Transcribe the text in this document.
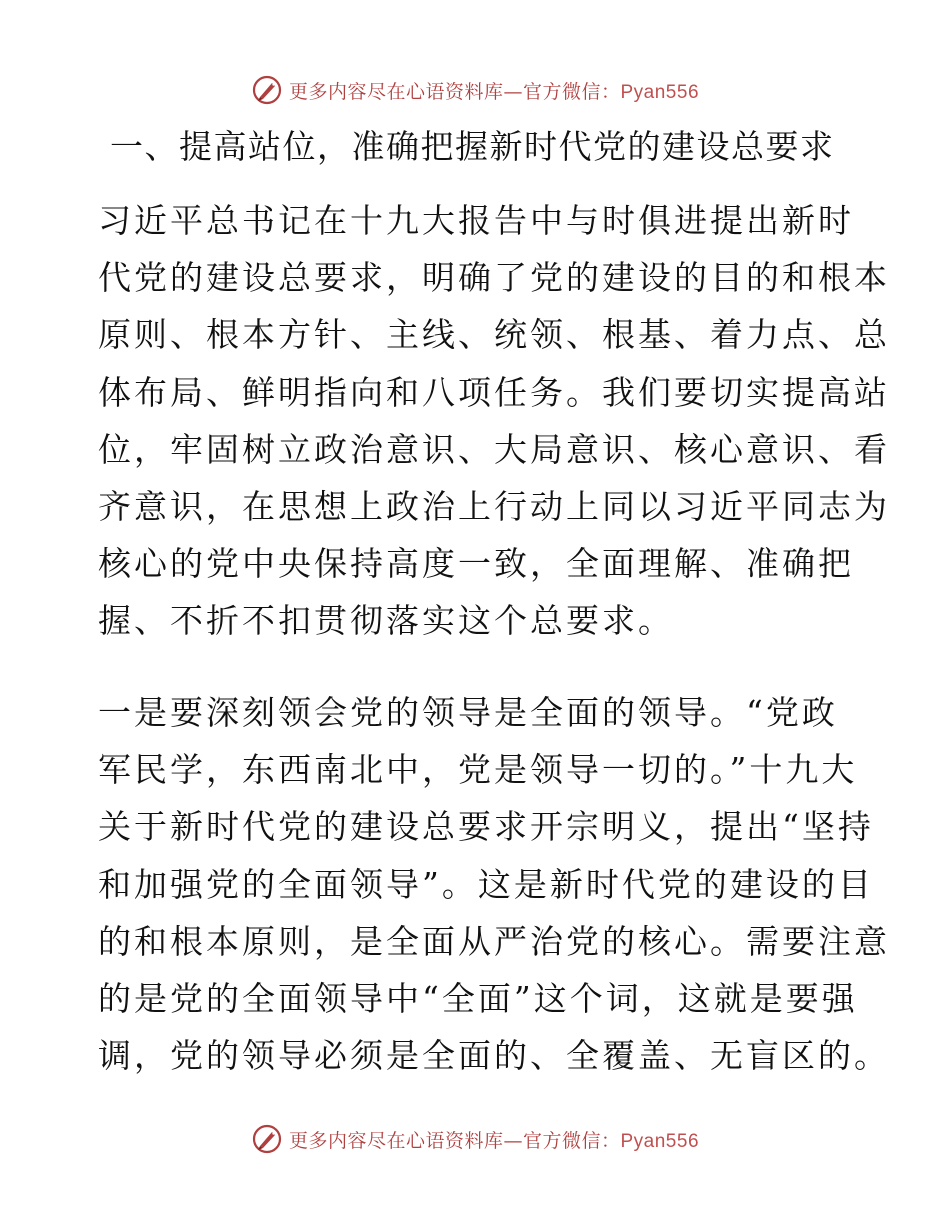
更多内容尽在心语资料库—官方微信：Pyan556
一、提高站位，准确把握新时代党的建设总要求

习近平总书记在十九大报告中与时俱进提出新时
代党的建设总要求，明确了党的建设的目的和根本
原则、根本方针、主线、统领、根基、着力点、总
体布局、鲜明指向和八项任务。我们要切实提高站
位，牢固树立政治意识、大局意识、核心意识、看
齐意识，在思想上政治上行动上同以习近平同志为
核心的党中央保持高度一致，全面理解、准确把
握、不折不扣贯彻落实这个总要求。

一是要深刻领会党的领导是全面的领导。“党政
军民学，东西南北中，党是领导一切的。”十九大
关于新时代党的建设总要求开宗明义，提出“坚持
和加强党的全面领导”。这是新时代党的建设的目
的和根本原则，是全面从严治党的核心。需要注意
的是党的全面领导中“全面”这个词，这就是要强
调，党的领导必须是全面的、全覆盖、无盲区的。

更多内容尽在心语资料库—官方微信：Pyan556
